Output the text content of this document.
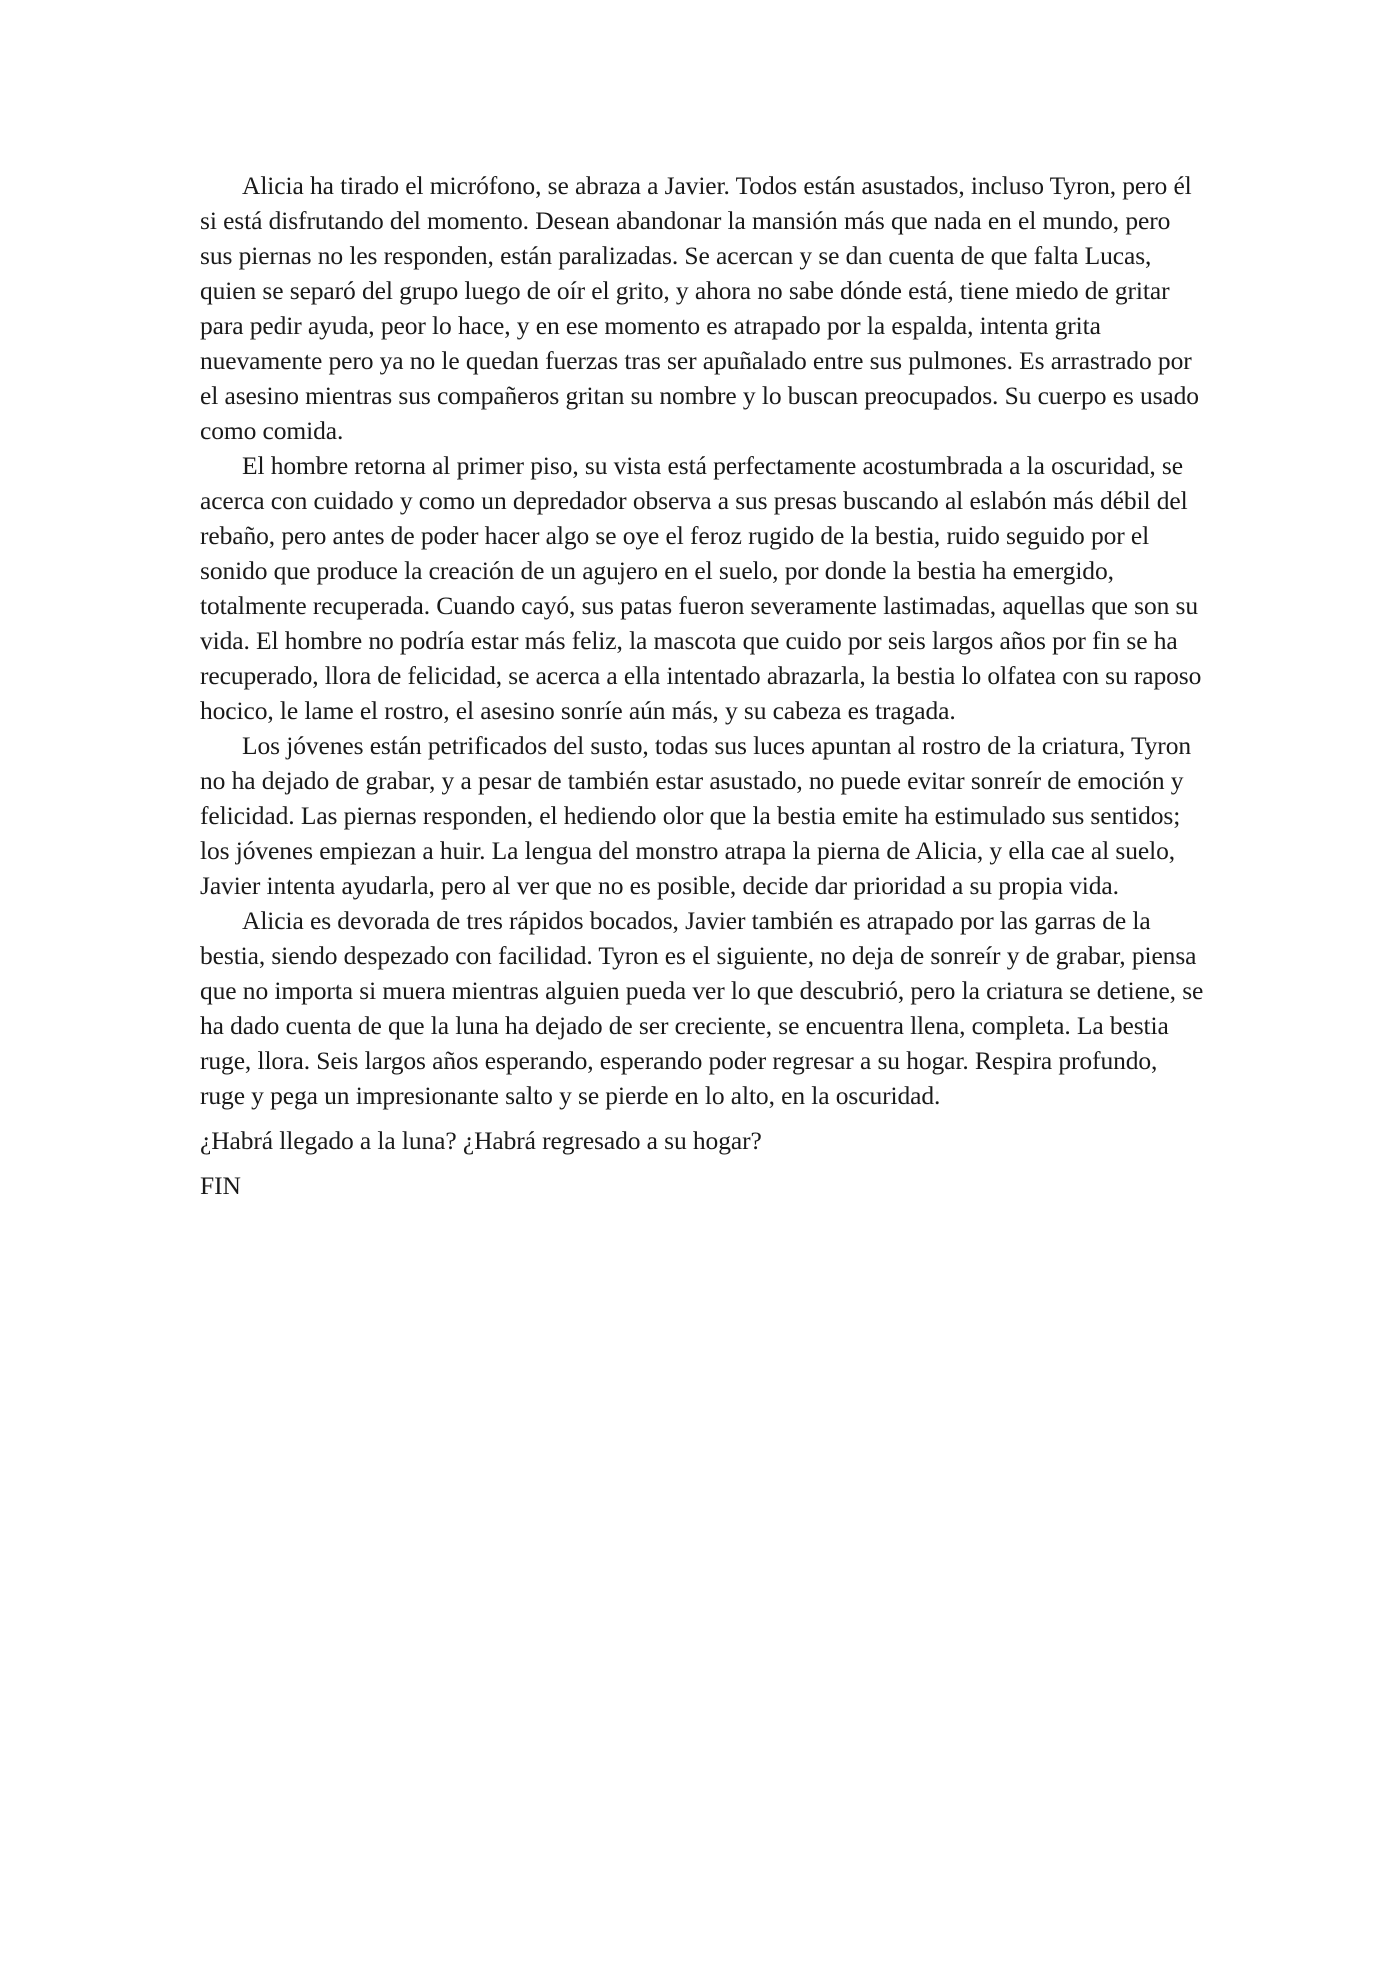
Alicia ha tirado el micrófono, se abraza a Javier. Todos están asustados, incluso Tyron, pero él si está disfrutando del momento. Desean abandonar la mansión más que nada en el mundo, pero sus piernas no les responden, están paralizadas. Se acercan y se dan cuenta de que falta Lucas, quien se separó del grupo luego de oír el grito, y ahora no sabe dónde está, tiene miedo de gritar para pedir ayuda, peor lo hace, y en ese momento es atrapado por la espalda, intenta grita nuevamente pero ya no le quedan fuerzas tras ser apuñalado entre sus pulmones. Es arrastrado por el asesino mientras sus compañeros gritan su nombre y lo buscan preocupados. Su cuerpo es usado como comida.

El hombre retorna al primer piso, su vista está perfectamente acostumbrada a la oscuridad, se acerca con cuidado y como un depredador observa a sus presas buscando al eslabón más débil del rebaño, pero antes de poder hacer algo se oye el feroz rugido de la bestia, ruido seguido por el sonido que produce la creación de un agujero en el suelo, por donde la bestia ha emergido, totalmente recuperada. Cuando cayó, sus patas fueron severamente lastimadas, aquellas que son su vida. El hombre no podría estar más feliz, la mascota que cuido por seis largos años por fin se ha recuperado, llora de felicidad, se acerca a ella intentado abrazarla, la bestia lo olfatea con su raposo hocico, le lame el rostro, el asesino sonríe aún más, y su cabeza es tragada.

Los jóvenes están petrificados del susto, todas sus luces apuntan al rostro de la criatura, Tyron no ha dejado de grabar, y a pesar de también estar asustado, no puede evitar sonreír de emoción y felicidad. Las piernas responden, el hediendo olor que la bestia emite ha estimulado sus sentidos; los jóvenes empiezan a huir. La lengua del monstro atrapa la pierna de Alicia, y ella cae al suelo, Javier intenta ayudarla, pero al ver que no es posible, decide dar prioridad a su propia vida.

Alicia es devorada de tres rápidos bocados, Javier también es atrapado por las garras de la bestia, siendo despezado con facilidad. Tyron es el siguiente, no deja de sonreír y de grabar, piensa que no importa si muera mientras alguien pueda ver lo que descubrió, pero la criatura se detiene, se ha dado cuenta de que la luna ha dejado de ser creciente, se encuentra llena, completa. La bestia ruge, llora. Seis largos años esperando, esperando poder regresar a su hogar. Respira profundo, ruge y pega un impresionante salto y se pierde en lo alto, en la oscuridad.

¿Habrá llegado a la luna? ¿Habrá regresado a su hogar?

FIN
